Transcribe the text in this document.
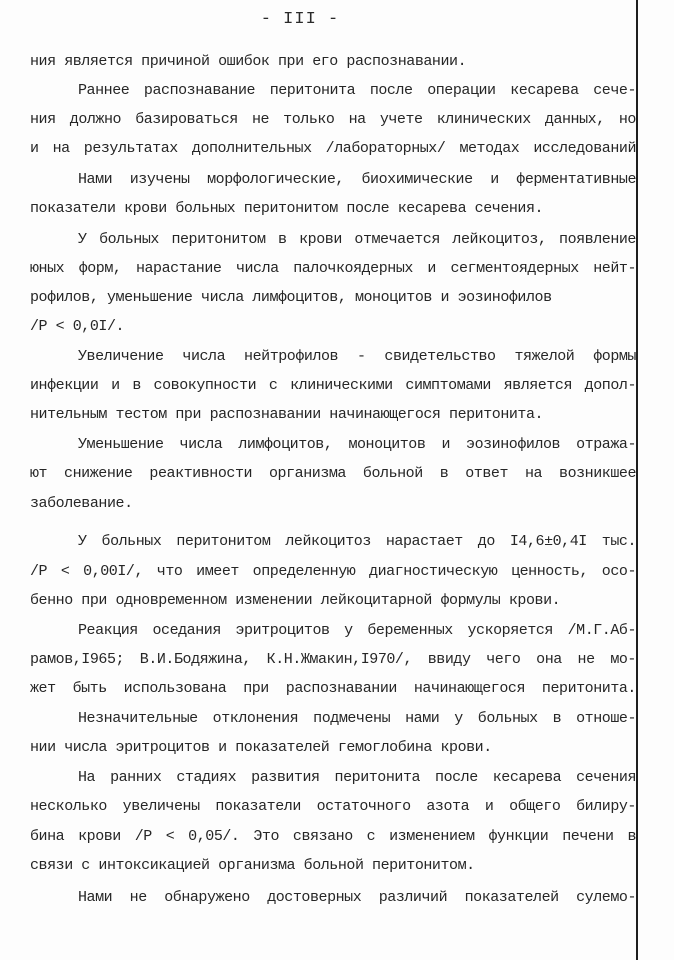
- III -
ния является причиной ошибок при его распознавании.
Раннее распознавание перитонита после операции кесарева сече-
ния должно базироваться не только на учете клинических данных, но
и на результатах дополнительных /лабораторных/ методах исследований
Нами изучены морфологические, биохимические и ферментативные
показатели крови больных перитонитом после кесарева сечения.
У больных перитонитом в крови отмечается лейкоцитоз, появление
юных форм, нарастание числа палочкоядерных и сегментоядерных нейт-
рофилов, уменьшение числа лимфоцитов, моноцитов и эозинофилов
/P < 0,0I/.
Увеличение числа нейтрофилов - свидетельство тяжелой формы
инфекции и в совокупности с клиническими симптомами является допол-
нительным тестом при распознавании начинающегося перитонита.
Уменьшение числа лимфоцитов, моноцитов и эозинофилов отража-
ют снижение реактивности организма больной в ответ на возникшее
заболевание.
У больных перитонитом лейкоцитоз нарастает до I4,6±0,4I тыс.
/P < 0,00I/, что имеет определенную диагностическую ценность, осо-
бенно при одновременном изменении лейкоцитарной формулы крови.
Реакция оседания эритроцитов у беременных ускоряется /М.Г.Аб-
рамов,I965; В.И.Бодяжина, К.Н.Жмакин,I970/, ввиду чего она не мо-
жет быть использована при распознавании начинающегося перитонита.
Незначительные отклонения подмечены нами у больных в отноше-
нии числа эритроцитов и показателей гемоглобина крови.
На ранних стадиях развития перитонита после кесарева сечения
несколько увеличены показатели остаточного азота и общего билиру-
бина крови /P < 0,05/. Это связано с изменением функции печени в
связи с интоксикацией организма больной перитонитом.
Нами не обнаружено достоверных различий показателей сулемо-
